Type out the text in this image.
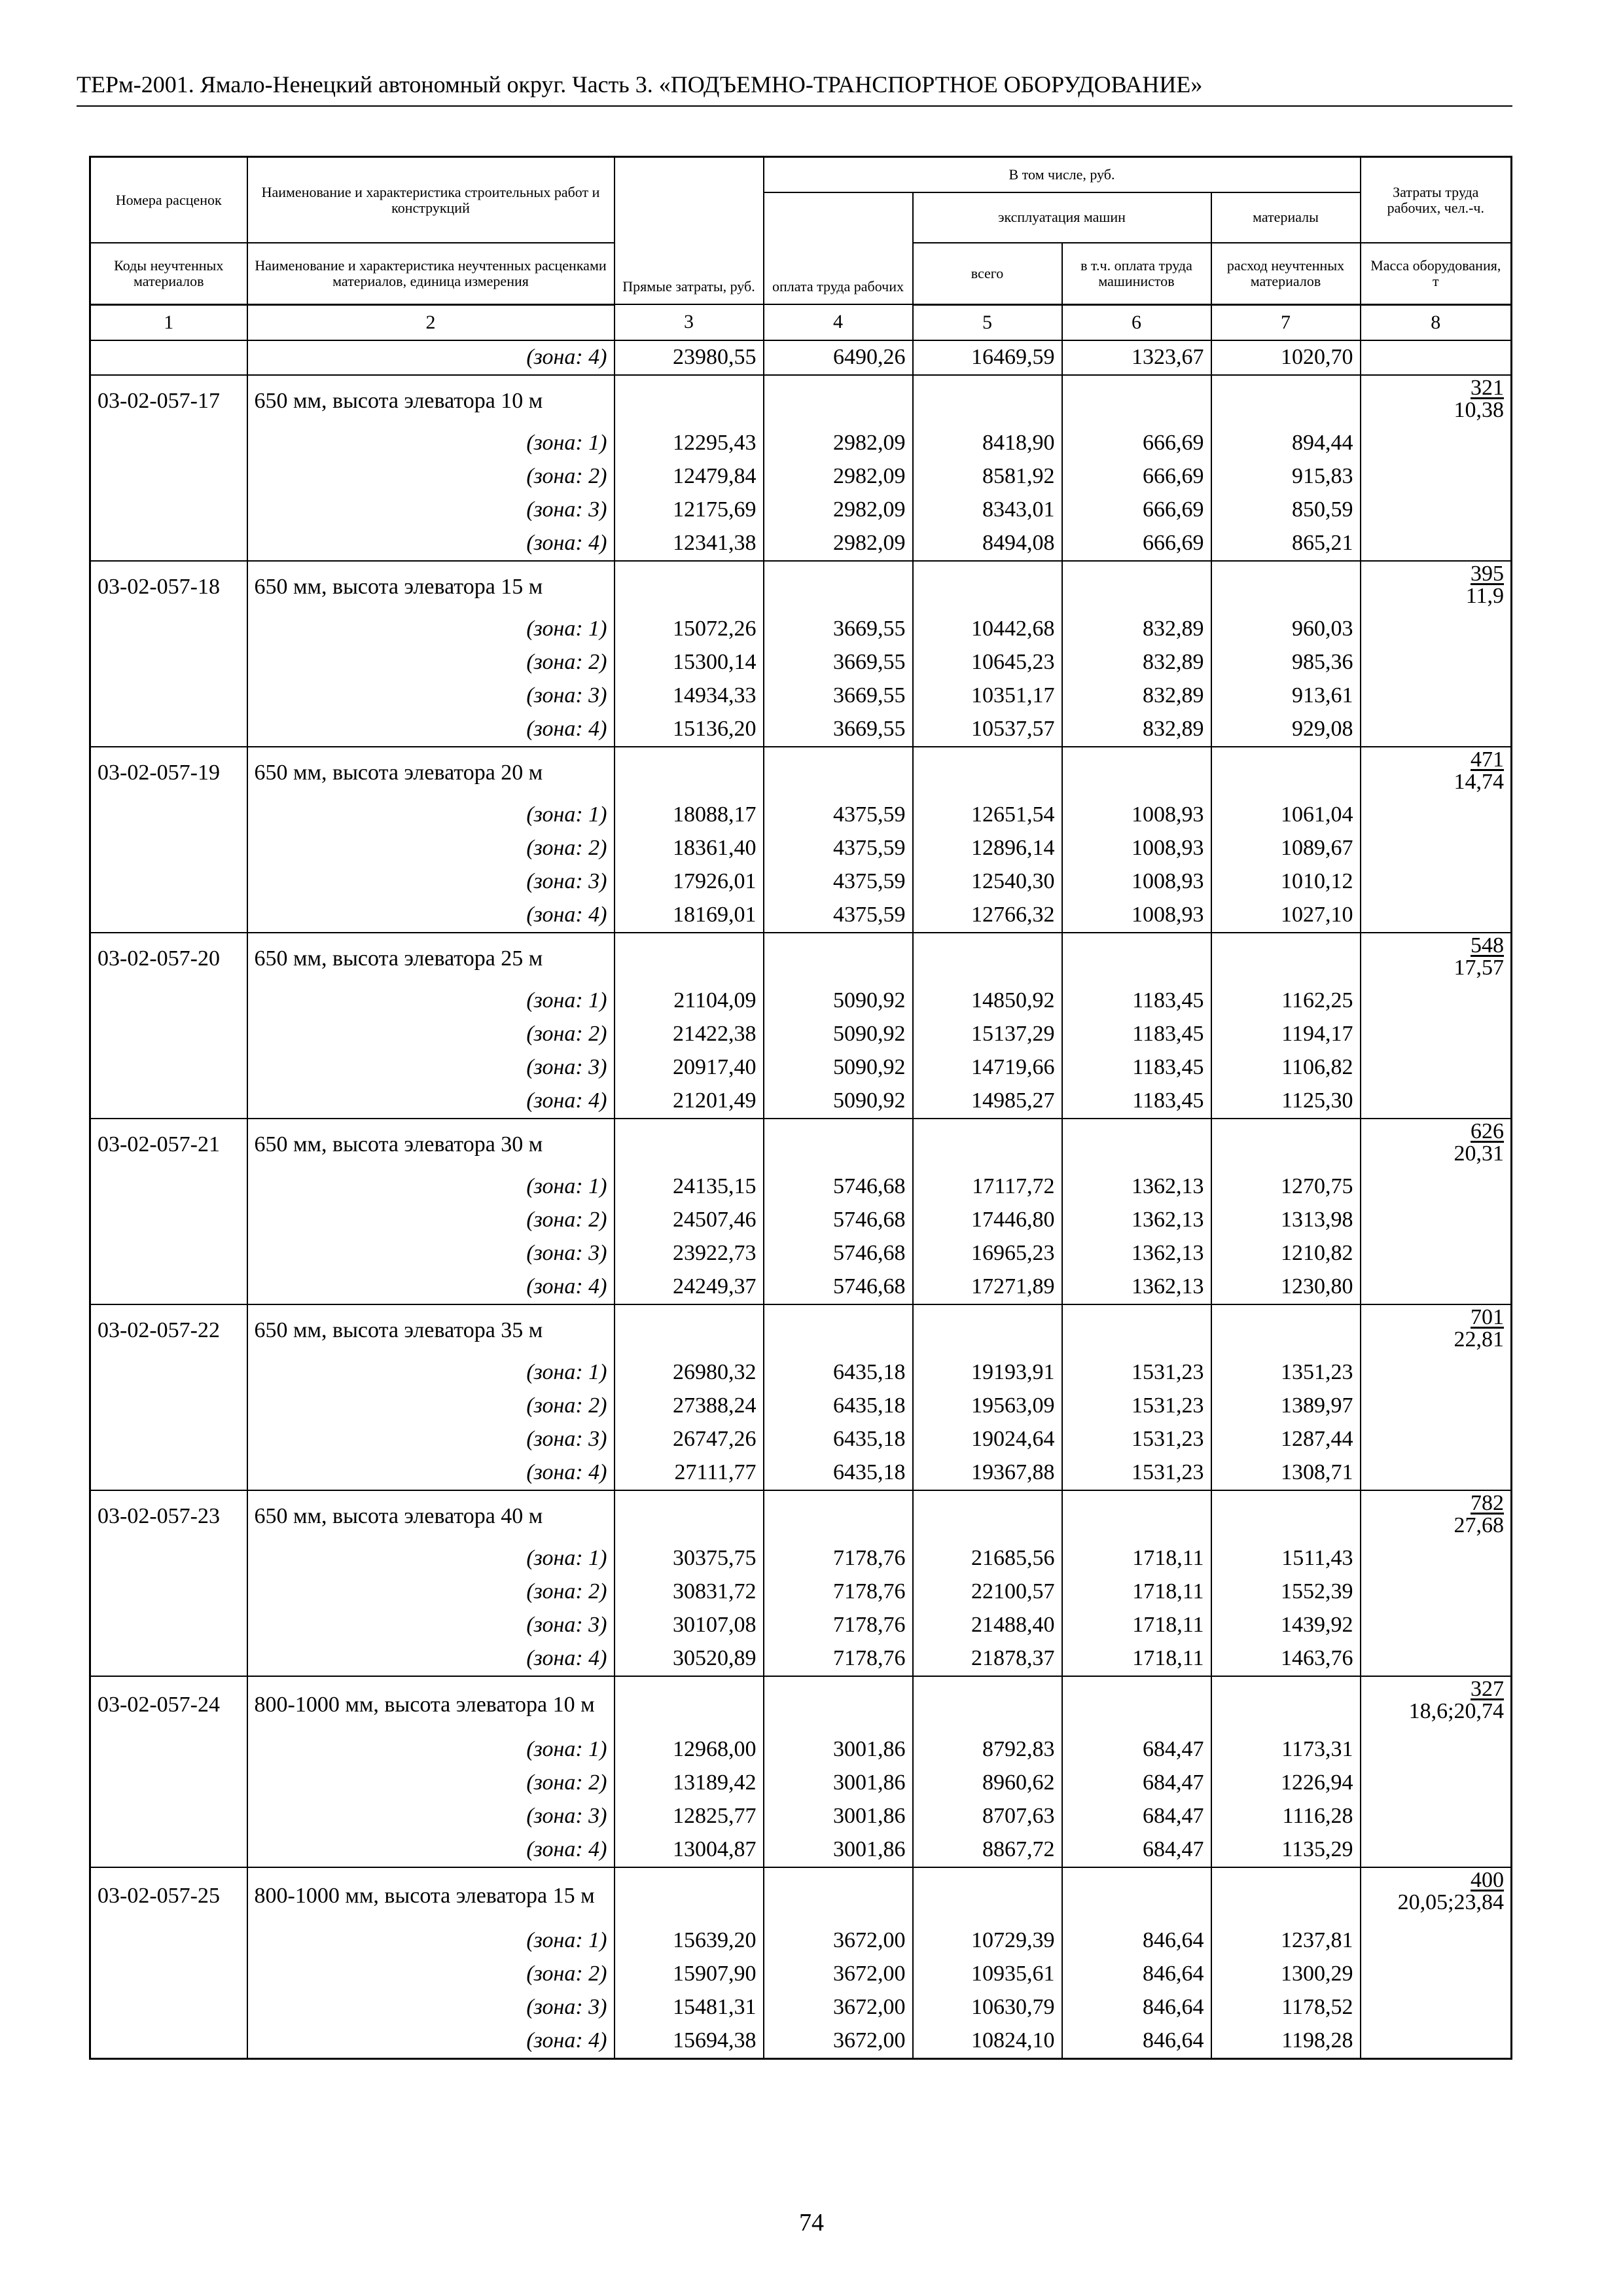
ТЕРм-2001. Ямало-Ненецкий автономный округ. Часть 3. «ПОДЪЕМНО-ТРАНСПОРТНОЕ ОБОРУДОВАНИЕ»
Номера расценок	Наименование и характеристика строительных работ и конструкций	Прямые затраты, руб.	В том числе, руб.				Затраты труда рабочих, чел.-ч.
			оплата труда рабочих	эксплуатация машин		материалы	
Коды неучтенных материалов	Наименование и характеристика неучтенных расценками материалов, единица измерения			всего	в т.ч. оплата труда машинистов	расход неучтенных материалов	Масса оборудования, т
1	2	3	4	5	6	7	8
	(зона: 4)	23980,55	6490,26	16469,59	1323,67	1020,70	
03-02-057-17	650 мм, высота элеватора 10 м						$\frac{321}{10,38}$

	(зона: 1)	12295,43	2982,09	8418,90	666,69	894,44	
	(зона: 2)	12479,84	2982,09	8581,92	666,69	915,83	
	(зона: 3)	12175,69	2982,09	8343,01	666,69	850,59	
	(зона: 4)	12341,38	2982,09	8494,08	666,69	865,21	
03-02-057-18	650 мм, высота элеватора 15 м						$\frac{395}{11,9}$

	(зона: 1)	15072,26	3669,55	10442,68	832,89	960,03	
	(зона: 2)	15300,14	3669,55	10645,23	832,89	985,36	
	(зона: 3)	14934,33	3669,55	10351,17	832,89	913,61	
	(зона: 4)	15136,20	3669,55	10537,57	832,89	929,08	
03-02-057-19	650 мм, высота элеватора 20 м						$\frac{471}{14,74}$

	(зона: 1)	18088,17	4375,59	12651,54	1008,93	1061,04	
	(зона: 2)	18361,40	4375,59	12896,14	1008,93	1089,67	
	(зона: 3)	17926,01	4375,59	12540,30	1008,93	1010,12	
	(зона: 4)	18169,01	4375,59	12766,32	1008,93	1027,10	
03-02-057-20	650 мм, высота элеватора 25 м						$\frac{548}{17,57}$

	(зона: 1)	21104,09	5090,92	14850,92	1183,45	1162,25	
	(зона: 2)	21422,38	5090,92	15137,29	1183,45	1194,17	
	(зона: 3)	20917,40	5090,92	14719,66	1183,45	1106,82	
	(зона: 4)	21201,49	5090,92	14985,27	1183,45	1125,30	
03-02-057-21	650 мм, высота элеватора 30 м						$\frac{626}{20,31}$

	(зона: 1)	24135,15	5746,68	17117,72	1362,13	1270,75	
	(зона: 2)	24507,46	5746,68	17446,80	1362,13	1313,98	
	(зона: 3)	23922,73	5746,68	16965,23	1362,13	1210,82	
	(зона: 4)	24249,37	5746,68	17271,89	1362,13	1230,80	
03-02-057-22	650 мм, высота элеватора 35 м						$\frac{701}{22,81}$

	(зона: 1)	26980,32	6435,18	19193,91	1531,23	1351,23	
	(зона: 2)	27388,24	6435,18	19563,09	1531,23	1389,97	
	(зона: 3)	26747,26	6435,18	19024,64	1531,23	1287,44	
	(зона: 4)	27111,77	6435,18	19367,88	1531,23	1308,71	
03-02-057-23	650 мм, высота элеватора 40 м						$\frac{782}{27,68}$

	(зона: 1)	30375,75	7178,76	21685,56	1718,11	1511,43	
	(зона: 2)	30831,72	7178,76	22100,57	1718,11	1552,39	
	(зона: 3)	30107,08	7178,76	21488,40	1718,11	1439,92	
	(зона: 4)	30520,89	7178,76	21878,37	1718,11	1463,76	
03-02-057-24	800-1000 мм, высота элеватора 10 м						$\frac{327}{18,6;20,74}$

	(зона: 1)	12968,00	3001,86	8792,83	684,47	1173,31	
	(зона: 2)	13189,42	3001,86	8960,62	684,47	1226,94	
	(зона: 3)	12825,77	3001,86	8707,63	684,47	1116,28	
	(зона: 4)	13004,87	3001,86	8867,72	684,47	1135,29	
03-02-057-25	800-1000 мм, высота элеватора 15 м						$\frac{400}{20,05;23,84}$

	(зона: 1)	15639,20	3672,00	10729,39	846,64	1237,81	
	(зона: 2)	15907,90	3672,00	10935,61	846,64	1300,29	
	(зона: 3)	15481,31	3672,00	10630,79	846,64	1178,52	
	(зона: 4)	15694,38	3672,00	10824,10	846,64	1198,28	
74
